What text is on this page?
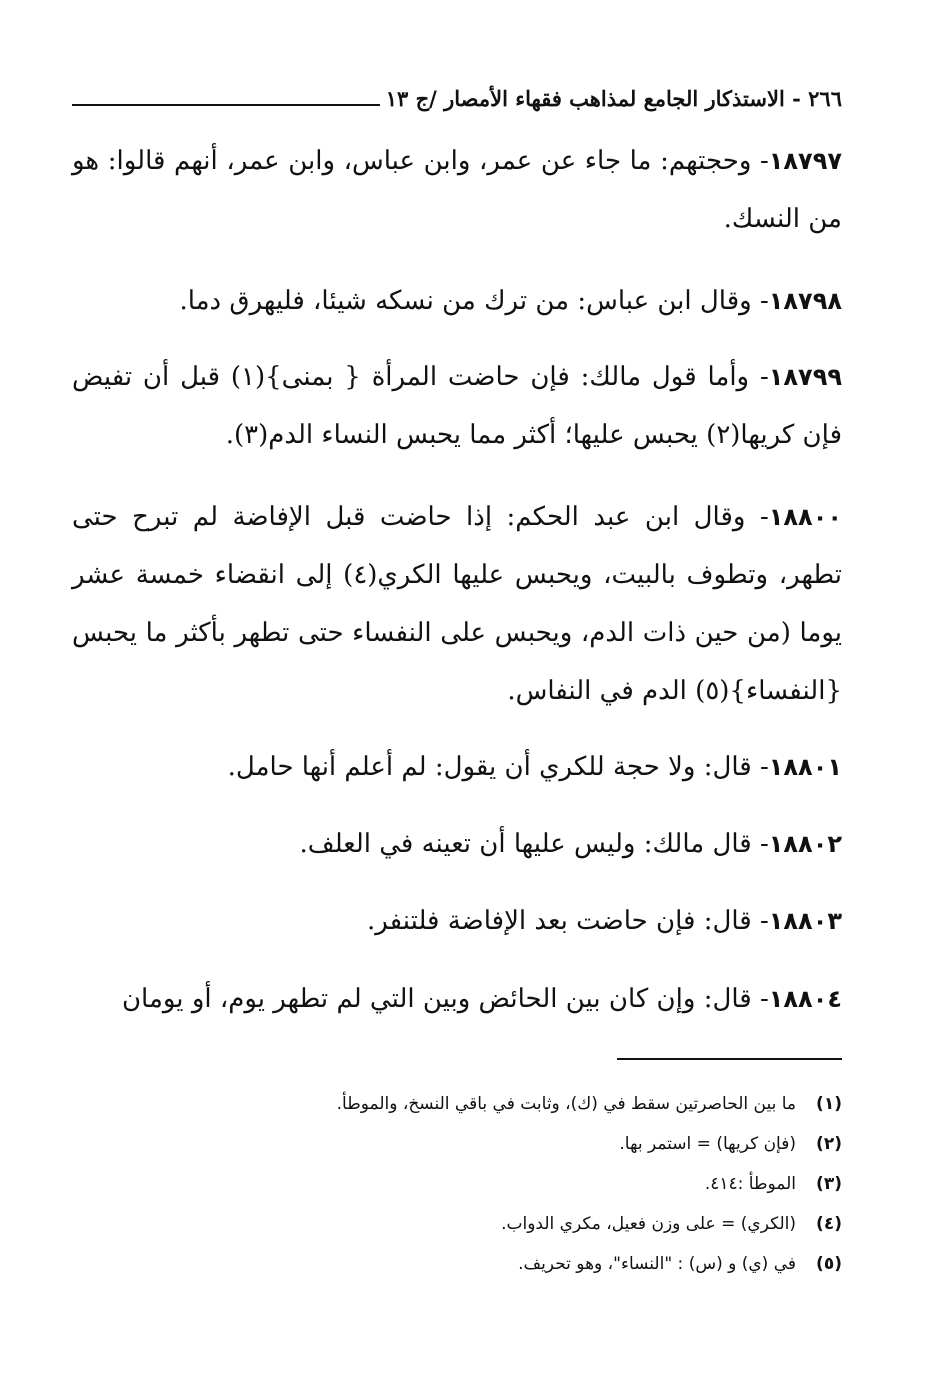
٢٦٦ - الاستذكار الجامع لمذاهب فقهاء الأمصار /ج ١٣
١٨٧٩٧- وحجتهم: ما جاء عن عمر، وابن عباس، وابن عمر، أنهم قالوا: هو من النسك.
١٨٧٩٨- وقال ابن عباس: من ترك من نسكه شيئا، فليهرق دما.
١٨٧٩٩- وأما قول مالك: فإن حاضت المرأة { بمنى}(١) قبل أن تفيض فإن كريها(٢) يحبس عليها؛ أكثر مما يحبس النساء الدم(٣).
١٨٨٠٠- وقال ابن عبد الحكم: إذا حاضت قبل الإفاضة لم تبرح حتى تطهر، وتطوف بالبيت، ويحبس عليها الكري(٤) إلى انقضاء خمسة عشر يوما (من حين ذات الدم، ويحبس على النفساء حتى تطهر بأكثر ما يحبس {النفساء}(٥) الدم في النفاس.
١٨٨٠١- قال: ولا حجة للكري أن يقول: لم أعلم أنها حامل.
١٨٨٠٢- قال مالك: وليس عليها أن تعينه في العلف.
١٨٨٠٣- قال: فإن حاضت بعد الإفاضة فلتنفر.
١٨٨٠٤- قال: وإن كان بين الحائض وبين التي لم تطهر يوم، أو يومان
(١)
ما بين الحاصرتين سقط في (ك)، وثابت في باقي النسخ، والموطأ.
(٢)
(فإن كريها) = استمر بها.
(٣)
الموطأ :٤١٤.
(٤)
(الكري) = على وزن فعيل، مكري الدواب.
(٥)
في (ي) و (س) : "النساء"، وهو تحريف.
